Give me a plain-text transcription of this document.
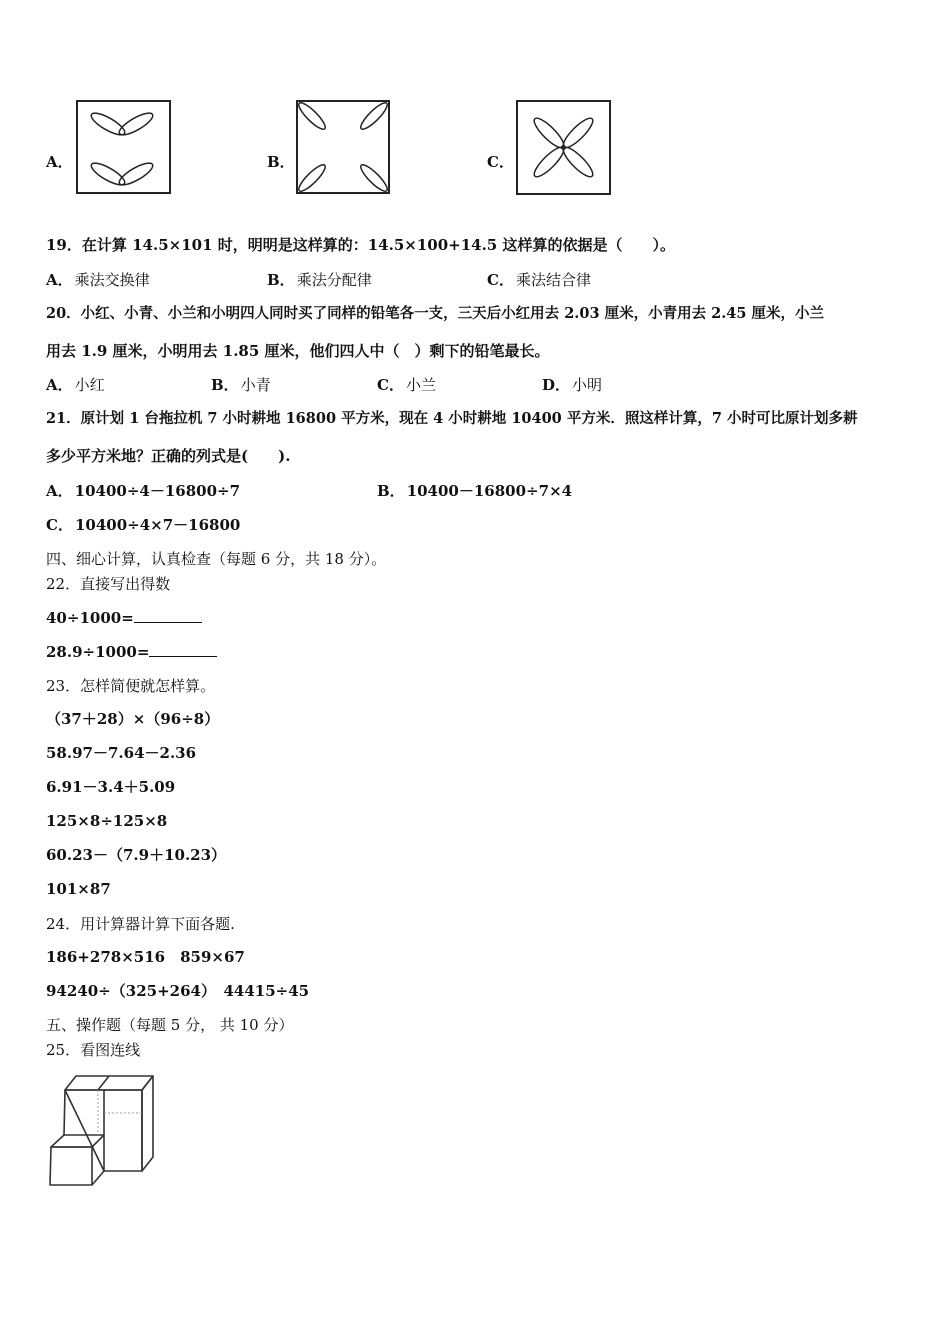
A．	B．	C．
19．在计算 14.5×101 时，明明是这样算的：14.5×100+14.5 这样算的依据是（　　）。
A． 乘法交换律	B． 乘法分配律	C． 乘法结合律
20．小红、小青、小兰和小明四人同时买了同样的铅笔各一支，三天后小红用去 2.03 厘米，小青用去 2.45 厘米，小兰
用去 1.9 厘米，小明用去 1.85 厘米，他们四人中（　）剩下的铅笔最长。
A． 小红	B． 小青	C． 小兰	D． 小明
21．原计划 1 台拖拉机 7 小时耕地 16800 平方米，现在 4 小时耕地 10400 平方米．照这样计算，7 小时可比原计划多耕
多少平方米地？正确的列式是(　　).
A． 10400÷4－16800÷7	B． 10400－16800÷7×4
C． 10400÷4×7－16800
四、细心计算，认真检查（每题 6 分，共 18 分）。
22．直接写出得数
40÷1000=
28.9÷1000=
23．怎样简便就怎样算。
（37＋28）×（96÷8）
58.97－7.64－2.36
6.91－3.4＋5.09
125×8÷125×8
60.23－（7.9＋10.23）
101×87
24．用计算器计算下面各题.
186+278×516　859×67
94240÷（325+264）　44415÷45
五、操作题（每题 5 分， 共 10 分）
25．看图连线
